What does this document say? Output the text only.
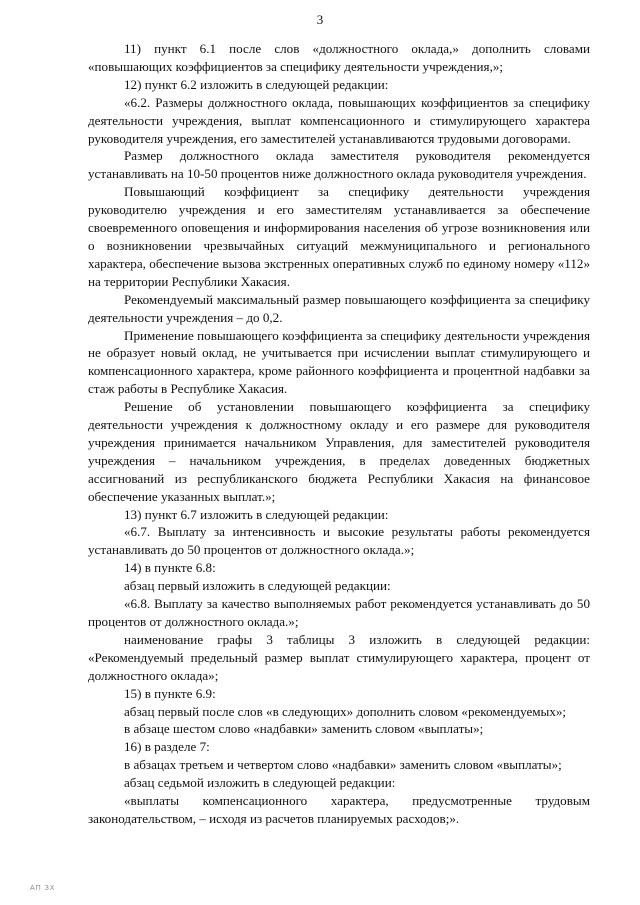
3

11) пункт 6.1 после слов «должностного оклада,» дополнить словами «повышающих коэффициентов за специфику деятельности учреждения,»;

12) пункт 6.2 изложить в следующей редакции:

«6.2. Размеры должностного оклада, повышающих коэффициентов за специфику деятельности учреждения, выплат компенсационного и стимулирующего характера руководителя учреждения, его заместителей устанавливаются трудовыми договорами.

Размер должностного оклада заместителя руководителя рекомендуется устанавливать на 10-50 процентов ниже должностного оклада руководителя учреждения.

Повышающий коэффициент за специфику деятельности учреждения руководителю учреждения и его заместителям устанавливается за обеспечение своевременного оповещения и информирования населения об угрозе возникновения или о возникновении чрезвычайных ситуаций межмуниципального и регионального характера, обеспечение вызова экстренных оперативных служб по единому номеру «112» на территории Республики Хакасия.

Рекомендуемый максимальный размер повышающего коэффициента за специфику деятельности учреждения – до 0,2.

Применение повышающего коэффициента за специфику деятельности учреждения не образует новый оклад, не учитывается при исчислении выплат стимулирующего и компенсационного характера, кроме районного коэффициента и процентной надбавки за стаж работы в Республике Хакасия.

Решение об установлении повышающего коэффициента за специфику деятельности учреждения к должностному окладу и его размере для руководителя учреждения принимается начальником Управления, для заместителей руководителя учреждения – начальником учреждения, в пределах доведенных бюджетных ассигнований из республиканского бюджета Республики Хакасия на финансовое обеспечение указанных выплат.»;

13) пункт 6.7 изложить в следующей редакции:

«6.7. Выплату за интенсивность и высокие результаты работы рекомендуется устанавливать до 50 процентов от должностного оклада.»;

14) в пункте 6.8:

абзац первый изложить в следующей редакции:

«6.8. Выплату за качество выполняемых работ рекомендуется устанавливать до 50 процентов от должностного оклада.»;

наименование графы 3 таблицы 3 изложить в следующей редакции: «Рекомендуемый предельный размер выплат стимулирующего характера, процент от должностного оклада»;

15) в пункте 6.9:

абзац первый после слов «в следующих» дополнить словом «рекомендуемых»;

в абзаце шестом слово «надбавки» заменить словом «выплаты»;

16) в разделе 7:

в абзацах третьем и четвертом слово «надбавки» заменить словом «выплаты»;

абзац седьмой изложить в следующей редакции:

«выплаты компенсационного характера, предусмотренные трудовым законодательством, – исходя из расчетов планируемых расходов;».

АП ЗХ
